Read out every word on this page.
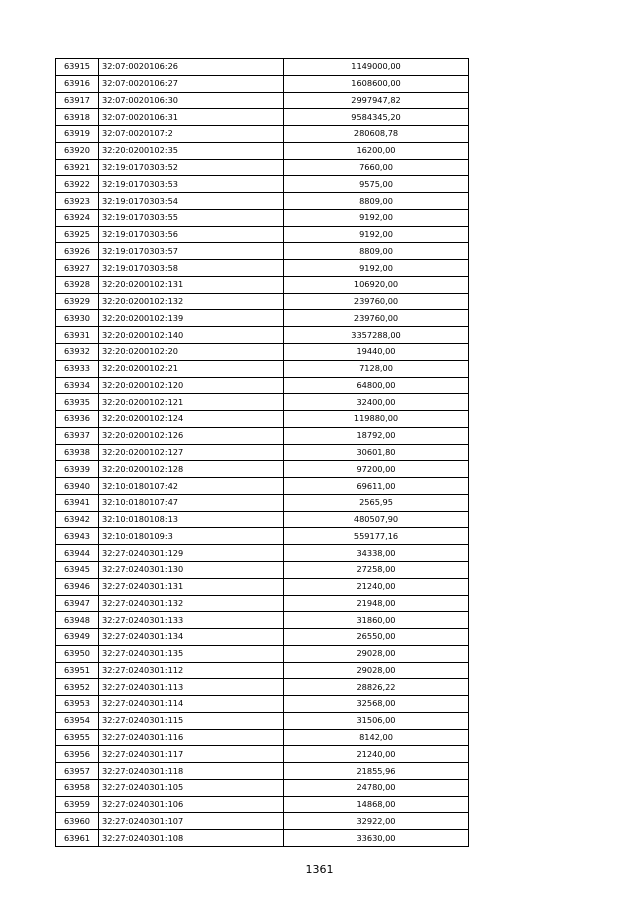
63915	32:07:0020106:26	1149000,00
63916	32:07:0020106:27	1608600,00
63917	32:07:0020106:30	2997947,82
63918	32:07:0020106:31	9584345,20
63919	32:07:0020107:2	280608,78
63920	32:20:0200102:35	16200,00
63921	32:19:0170303:52	7660,00
63922	32:19:0170303:53	9575,00
63923	32:19:0170303:54	8809,00
63924	32:19:0170303:55	9192,00
63925	32:19:0170303:56	9192,00
63926	32:19:0170303:57	8809,00
63927	32:19:0170303:58	9192,00
63928	32:20:0200102:131	106920,00
63929	32:20:0200102:132	239760,00
63930	32:20:0200102:139	239760,00
63931	32:20:0200102:140	3357288,00
63932	32:20:0200102:20	19440,00
63933	32:20:0200102:21	7128,00
63934	32:20:0200102:120	64800,00
63935	32:20:0200102:121	32400,00
63936	32:20:0200102:124	119880,00
63937	32:20:0200102:126	18792,00
63938	32:20:0200102:127	30601,80
63939	32:20:0200102:128	97200,00
63940	32:10:0180107:42	69611,00
63941	32:10:0180107:47	2565,95
63942	32:10:0180108:13	480507,90
63943	32:10:0180109:3	559177,16
63944	32:27:0240301:129	34338,00
63945	32:27:0240301:130	27258,00
63946	32:27:0240301:131	21240,00
63947	32:27:0240301:132	21948,00
63948	32:27:0240301:133	31860,00
63949	32:27:0240301:134	26550,00
63950	32:27:0240301:135	29028,00
63951	32:27:0240301:112	29028,00
63952	32:27:0240301:113	28826,22
63953	32:27:0240301:114	32568,00
63954	32:27:0240301:115	31506,00
63955	32:27:0240301:116	8142,00
63956	32:27:0240301:117	21240,00
63957	32:27:0240301:118	21855,96
63958	32:27:0240301:105	24780,00
63959	32:27:0240301:106	14868,00
63960	32:27:0240301:107	32922,00
63961	32:27:0240301:108	33630,00
1361
